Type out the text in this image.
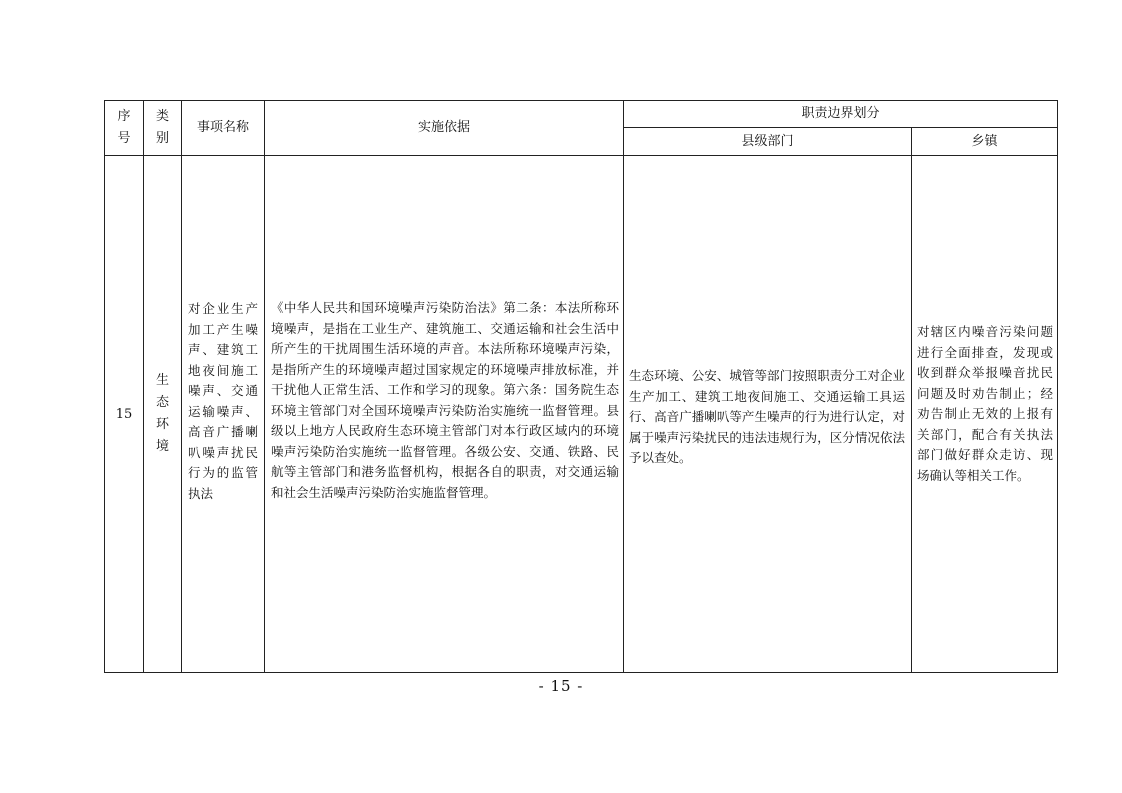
序号
类别
事项名称	实施依据
职责边界划分
县级部门	乡镇
15
生态环境
对企业生产加工产生噪声、建筑工地夜间施工噪声、交通运输噪声、高音广播喇叭噪声扰民行为的监管执法
《中华人民共和国环境噪声污染防治法》第二条：本法所称环境噪声，是指在工业生产、建筑施工、交通运输和社会生活中所产生的干扰周围生活环境的声音。本法所称环境噪声污染，是指所产生的环境噪声超过国家规定的环境噪声排放标准，并干扰他人正常生活、工作和学习的现象。第六条：国务院生态环境主管部门对全国环境噪声污染防治实施统一监督管理。县级以上地方人民政府生态环境主管部门对本行政区域内的环境噪声污染防治实施统一监督管理。各级公安、交通、铁路、民航等主管部门和港务监督机构，根据各自的职责，对交通运输和社会生活噪声污染防治实施监督管理。
生态环境、公安、城管等部门按照职责分工对企业生产加工、建筑工地夜间施工、交通运输工具运行、高音广播喇叭等产生噪声的行为进行认定，对属于噪声污染扰民的违法违规行为，区分情况依法予以查处。
对辖区内噪音污染问题进行全面排查，发现或收到群众举报噪音扰民问题及时劝告制止；经劝告制止无效的上报有关部门，配合有关执法部门做好群众走访、现场确认等相关工作。
- 15 -
